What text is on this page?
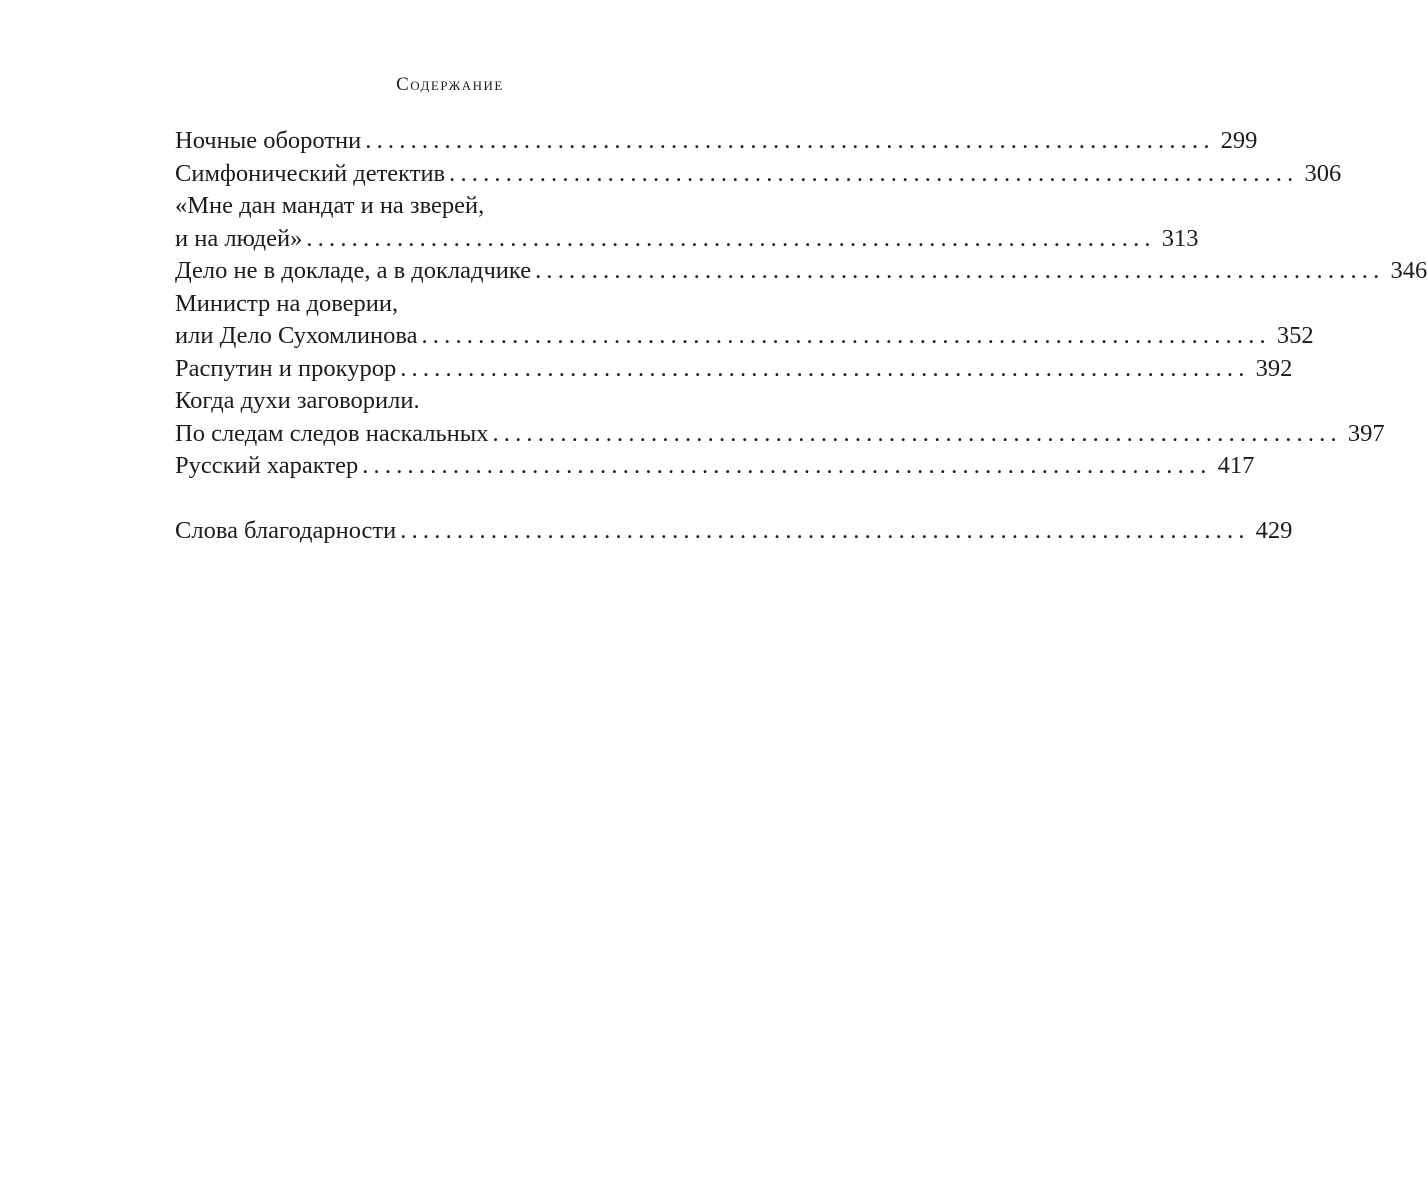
Содержание
Ночные оборотни ........................................................................... 299
Симфонический детектив ........................................................................... 306
«Мне дан мандат и на зверей,
и на людей» ........................................................................... 313
Дело не в докладе, а в докладчике ........................................................................... 346
Министр на доверии,
или Дело Сухомлинова ........................................................................... 352
Распутин и прокурор ........................................................................... 392
Когда духи заговорили.
По следам следов наскальных ........................................................................... 397
Русский характер ........................................................................... 417
Слова благодарности ........................................................................... 429
